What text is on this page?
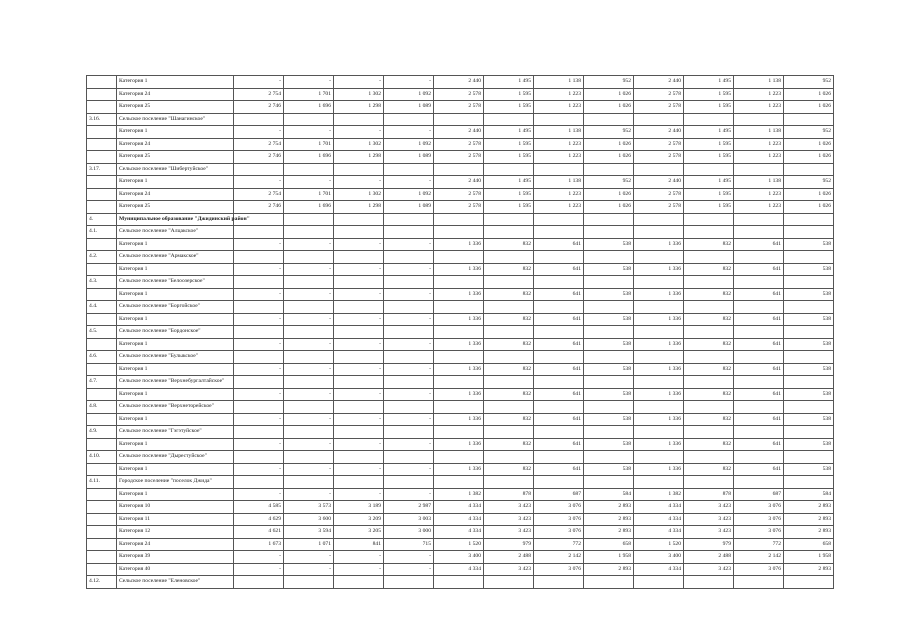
	Категория 1	-	-	-	-	2 440	1 495	1 138	952	2 440	1 495	1 138	952
	Категория 24	2 754	1 701	1 302	1 092	2 578	1 595	1 223	1 026	2 578	1 595	1 223	1 026
	Категория 25	2 746	1 696	1 298	1 089	2 578	1 595	1 223	1 026	2 578	1 595	1 223	1 026
3.16.	Сельское поселение "Шанагинское"												
	Категория 1	-	-	-	-	2 440	1 495	1 138	952	2 440	1 495	1 138	952
	Категория 24	2 754	1 701	1 302	1 092	2 578	1 595	1 223	1 026	2 578	1 595	1 223	1 026
	Категория 25	2 746	1 696	1 298	1 089	2 578	1 595	1 223	1 026	2 578	1 595	1 223	1 026
3.17.	Сельское поселение "Шибертуйское"												
	Категория 1	-	-	-	-	2 440	1 495	1 138	952	2 440	1 495	1 138	952
	Категория 24	2 754	1 701	1 302	1 092	2 578	1 595	1 223	1 026	2 578	1 595	1 223	1 026
	Категория 25	2 746	1 696	1 298	1 089	2 578	1 595	1 223	1 026	2 578	1 595	1 223	1 026
4.	Муниципальное образование "Джидинский район"												
4.1.	Сельское поселение "Алцакское"												
	Категория 1	-	-	-	-	1 336	832	641	538	1 336	832	641	538
4.2.	Сельское поселение "Армакское"												
	Категория 1	-	-	-	-	1 336	832	641	538	1 336	832	641	538
4.3.	Сельское поселение "Белоозерское"												
	Категория 1	-	-	-	-	1 336	832	641	538	1 336	832	641	538
4.4.	Сельское поселение "Боргойское"												
	Категория 1	-	-	-	-	1 336	832	641	538	1 336	832	641	538
4.5.	Сельское поселение "Бордонское"												
	Категория 1	-	-	-	-	1 336	832	641	538	1 336	832	641	538
4.6.	Сельское поселение "Булыкское"												
	Категория 1	-	-	-	-	1 336	832	641	538	1 336	832	641	538
4.7.	Сельское поселение "Верхнебургалтайское"												
	Категория 1	-	-	-	-	1 336	832	641	538	1 336	832	641	538
4.8.	Сельское поселение "Верхнеторейское"												
	Категория 1	-	-	-	-	1 336	832	641	538	1 336	832	641	538
4.9.	Сельское поселение "Гэгэтуйское"												
	Категория 1	-	-	-	-	1 336	832	641	538	1 336	832	641	538
4.10.	Сельское поселение "Дырестуйское"												
	Категория 1	-	-	-	-	1 336	832	641	538	1 336	832	641	538
4.11.	Городское поселение "поселок Джида"												
	Категория 1	-	-	-	-	1 382	878	687	584	1 382	878	687	584
	Категория 10	4 585	3 573	3 189	2 987	4 334	3 423	3 076	2 893	4 334	3 423	3 076	2 893
	Категория 11	4 629	3 600	3 209	3 003	4 334	3 423	3 076	2 893	4 334	3 423	3 076	2 893
	Категория 12	4 621	3 594	3 205	3 000	4 334	3 423	3 076	2 893	4 334	3 423	3 076	2 893
	Категория 24	1 673	1 071	841	715	1 520	979	772	658	1 520	979	772	658
	Категория 39	-	-	-	-	3 400	2 488	2 142	1 958	3 400	2 488	2 142	1 958
	Категория 40	-	-	-	-	4 334	3 423	3 076	2 893	4 334	3 423	3 076	2 893
4.12.	Сельское поселение "Еленовское"												
